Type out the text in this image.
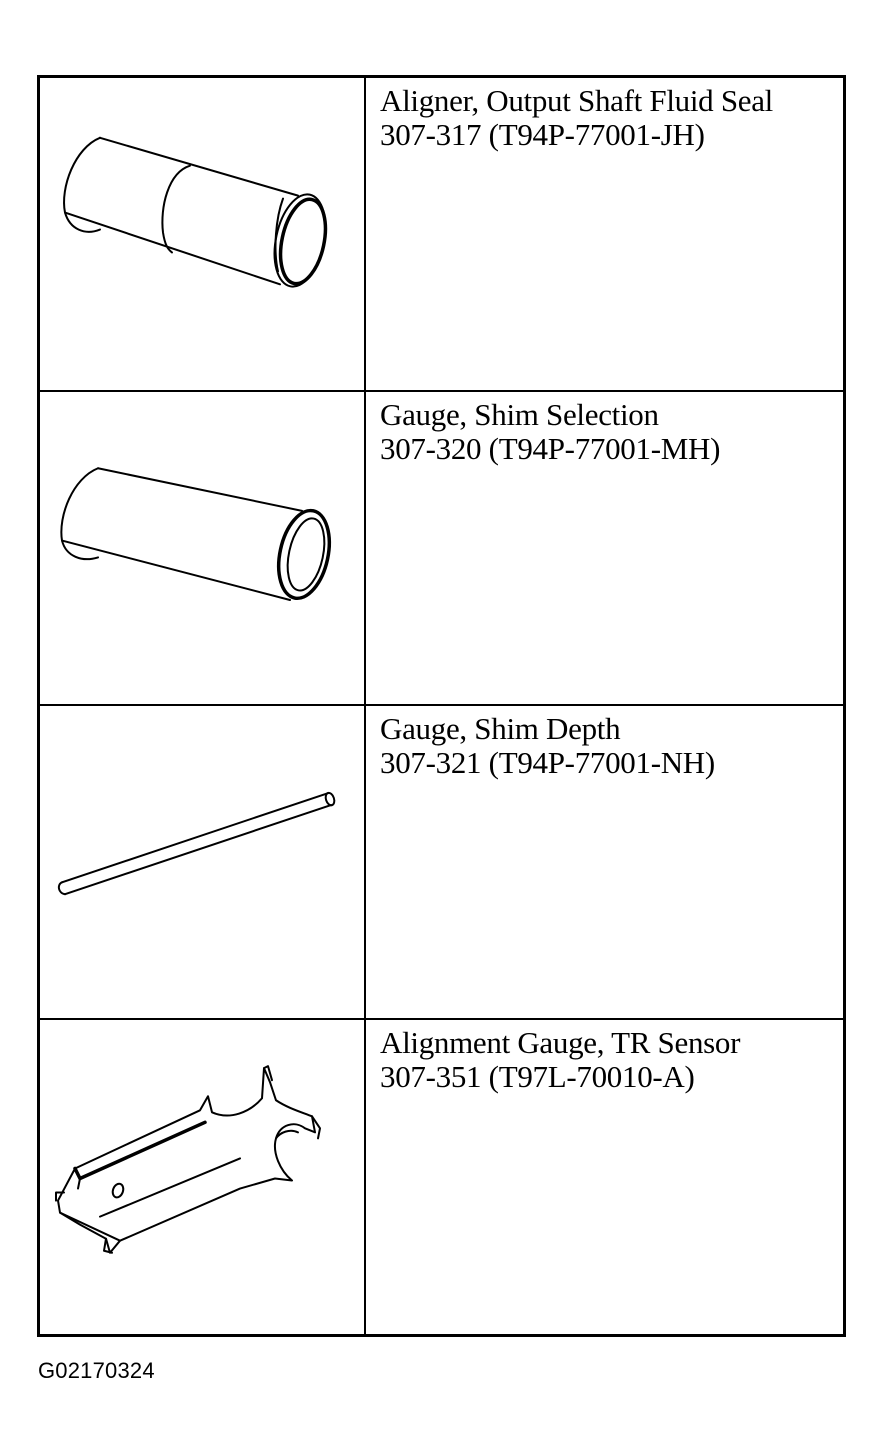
Aligner, Output Shaft Fluid Seal
307-317 (T94P-77001-JH)
Gauge, Shim Selection
307-320 (T94P-77001-MH)
Gauge, Shim Depth
307-321 (T94P-77001-NH)
Alignment Gauge, TR Sensor
307-351 (T97L-70010-A)
G02170324
